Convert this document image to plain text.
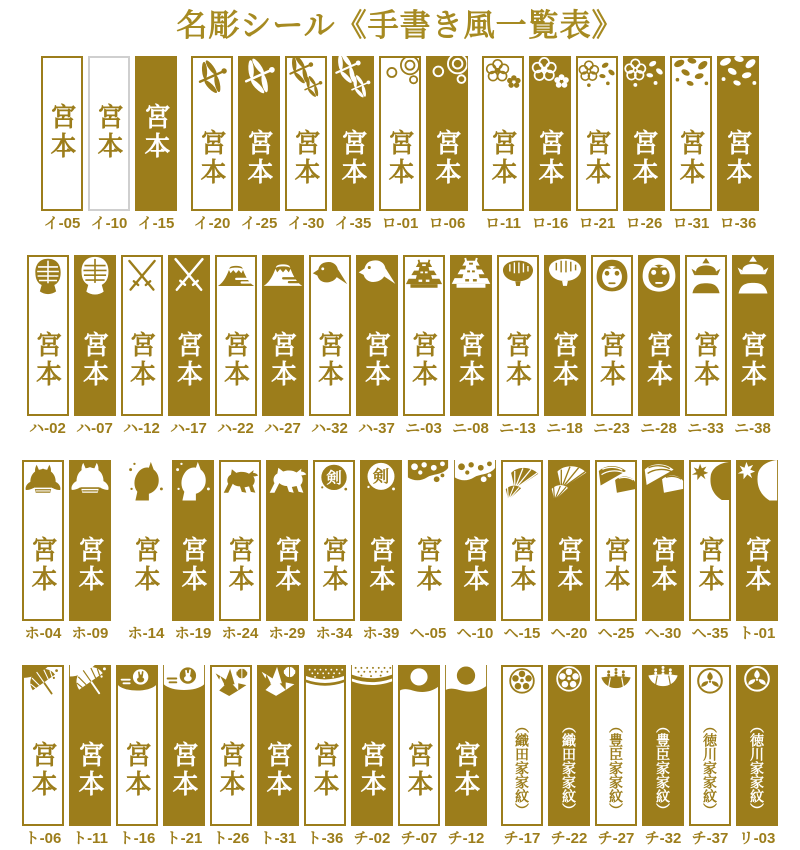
名彫シール《手書き風一覧表》
宮本
イ-05
宮本
イ-10
宮本
イ-15
宮本
イ-20
宮本
イ-25
宮本
イ-30
宮本
イ-35
宮本
ロ-01
宮本
ロ-06
宮本
ロ-11
宮本
ロ-16
宮本
ロ-21
宮本
ロ-26
宮本
ロ-31
宮本
ロ-36
宮本
ハ-02
宮本
ハ-07
宮本
ハ-12
宮本
ハ-17
宮本
ハ-22
宮本
ハ-27
宮本
ハ-32
宮本
ハ-37
宮本
ニ-03
宮本
ニ-08
宮本
ニ-13
宮本
ニ-18
宮本
ニ-23
宮本
ニ-28
宮本
ニ-33
宮本
ニ-38
宮本
ホ-04
宮本
ホ-09
宮本
ホ-14
宮本
ホ-19
宮本
ホ-24
宮本
ホ-29
宮本
ホ-34
宮本
ホ-39
宮本
ヘ-05
宮本
ヘ-10
宮本
ヘ-15
宮本
ヘ-20
宮本
ヘ-25
宮本
ヘ-30
宮本
ヘ-35
宮本
ト-01
宮本
ト-06
宮本
ト-11
宮本
ト-16
宮本
ト-21
宮本
ト-26
宮本
ト-31
宮本
ト-36
宮本
チ-02
宮本
チ-07
宮本
チ-12
（織田家家紋）
チ-17
（織田家家紋）
チ-22
（豊臣家家紋）
チ-27
（豊臣家家紋）
チ-32
（徳川家家紋）
チ-37
（徳川家家紋）
リ-03
